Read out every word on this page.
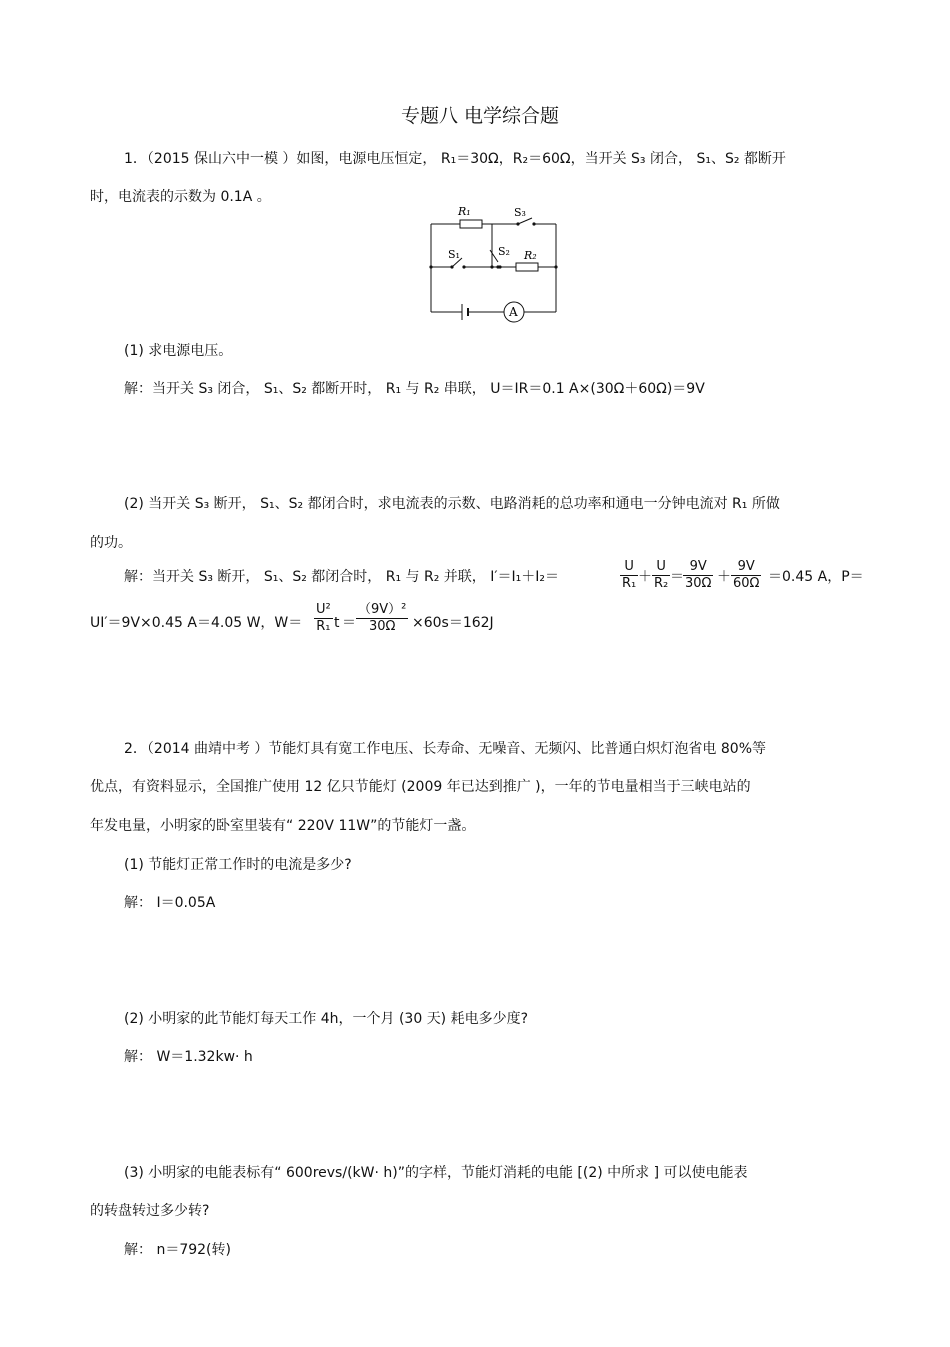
专题八 电学综合题
1．（2015 保山六中一模 ）如图，电源电压恒定， R₁＝30Ω，R₂＝60Ω，当开关 S₃ 闭合， S₁、S₂ 都断开
时，电流表的示数为 0.1A 。
R₁	S₃
S₁	S₂ R₂
A
(1) 求电源电压。
解：当开关 S₃ 闭合， S₁、S₂ 都断开时， R₁ 与 R₂ 串联， U＝IR＝0.1 A×(30Ω＋60Ω)＝9V
(2) 当开关 S₃ 断开， S₁、S₂ 都闭合时，求电流表的示数、电路消耗的总功率和通电一分钟电流对 R₁ 所做
的功。
解：当开关 S₃ 断开， S₁、S₂ 都闭合时， R₁ 与 R₂ 并联， I′＝I₁＋I₂＝	$\frac{U}{\text{R₁}} + \frac{U}{\text{R₂}} = \frac{9V}{30\Omega} + \frac{9V}{60\Omega} =0.45$ A，P＝
UI′＝9V×0.45 A＝4.05 W，$W= \frac{\text{U²}}{\text{R₁}}$ $t = \frac{\text{（9V）²}}{30\Omega} \times 60s=162J$
2．（2014 曲靖中考 ）节能灯具有宽工作电压、长寿命、无噪音、无频闪、比普通白炽灯泡省电 80%等
优点，有资料显示，全国推广使用 12 亿只节能灯 (2009 年已达到推广 )，一年的节电量相当于三峡电站的
年发电量，小明家的卧室里装有“ 220V 11W”的节能灯一盏。
(1) 节能灯正常工作时的电流是多少?
解： I＝0.05A
(2) 小明家的此节能灯每天工作 4h，一个月 (30 天) 耗电多少度?
解： W＝1.32kw· h
(3) 小明家的电能表标有“ 600revs/(kW· h)”的字样，节能灯消耗的电能 [(2) 中所求 ] 可以使电能表
的转盘转过多少转?
解： n＝792(转)
